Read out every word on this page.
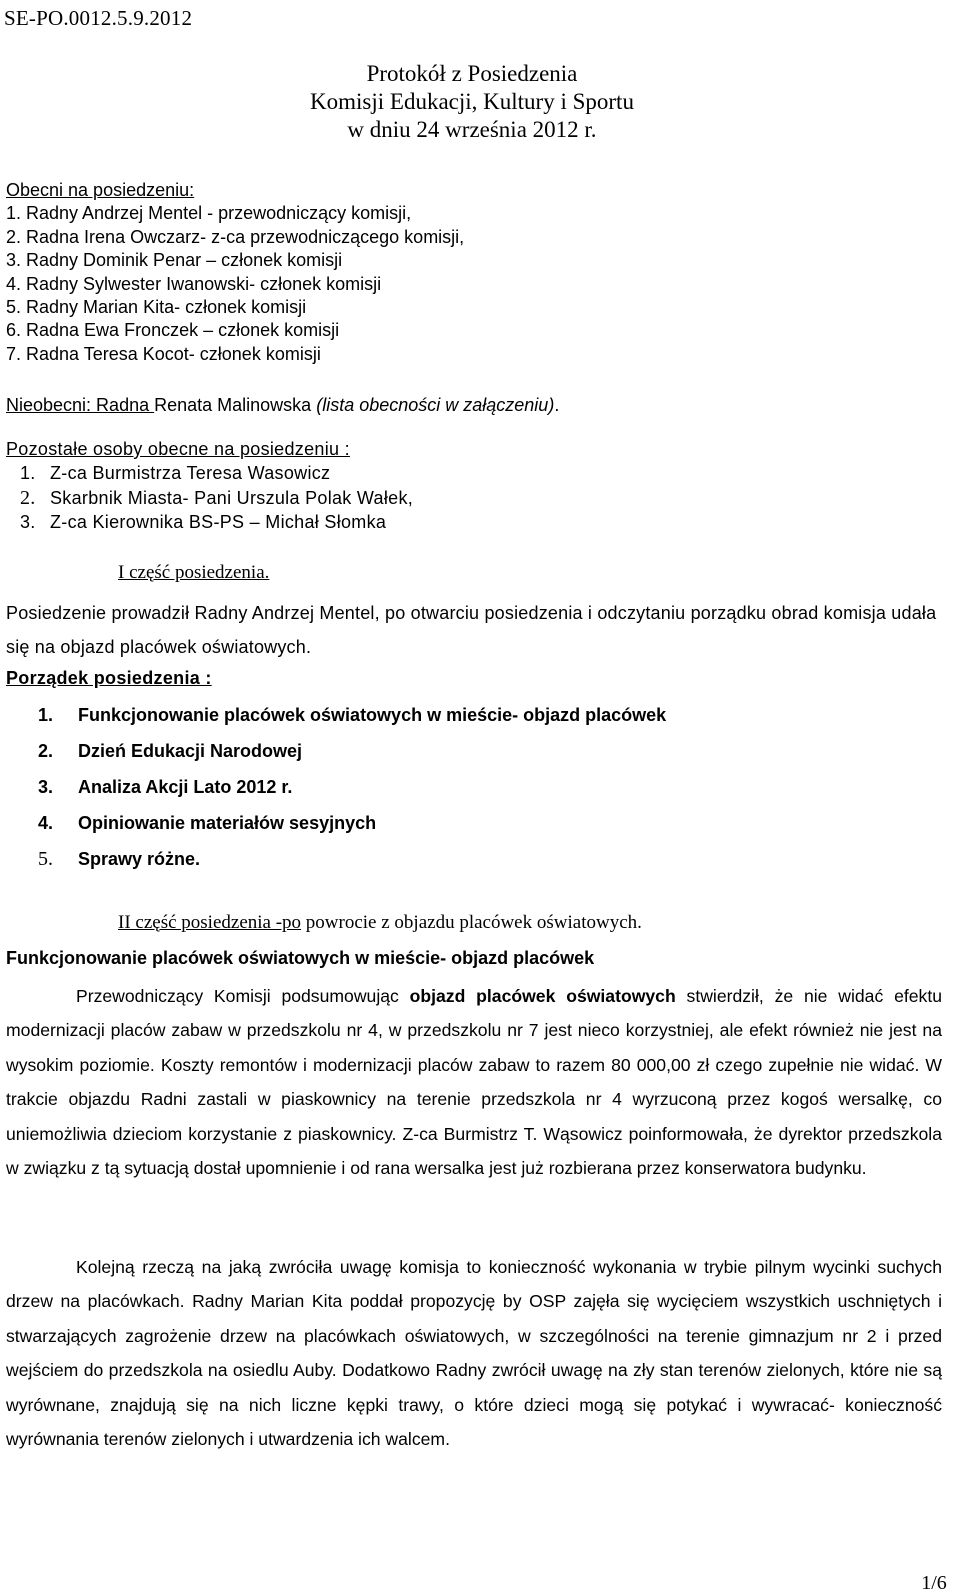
SE-PO.0012.5.9.2012
Protokół z Posiedzenia
Komisji Edukacji, Kultury i Sportu
w dniu 24 września 2012 r.
Obecni na posiedzeniu:
1. Radny Andrzej Mentel - przewodniczący komisji,
2. Radna Irena Owczarz- z-ca przewodniczącego komisji,
3. Radny Dominik Penar – członek komisji
4. Radny Sylwester Iwanowski- członek komisji
5. Radny Marian Kita- członek komisji
6. Radna Ewa Fronczek – członek komisji
7. Radna Teresa Kocot- członek komisji
Nieobecni: Radna Renata Malinowska (lista obecności w załączeniu).
Pozostałe osoby obecne na posiedzeniu :
1. Z-ca Burmistrza Teresa Wasowicz
2. Skarbnik Miasta- Pani Urszula Polak Wałek,
3. Z-ca Kierownika BS-PS – Michał Słomka
I część posiedzenia.
Posiedzenie prowadził Radny Andrzej Mentel, po otwarciu posiedzenia i odczytaniu porządku obrad komisja udała się na objazd placówek oświatowych.
Porządek posiedzenia :
1. Funkcjonowanie placówek oświatowych w mieście- objazd placówek
2. Dzień Edukacji Narodowej
3. Analiza Akcji Lato 2012 r.
4. Opiniowanie materiałów sesyjnych
5. Sprawy różne.
II część posiedzenia -po powrocie z objazdu placówek oświatowych.
Funkcjonowanie placówek oświatowych w mieście- objazd placówek

Przewodniczący Komisji podsumowując objazd placówek oświatowych stwierdził, że nie widać efektu modernizacji placów zabaw w przedszkolu nr 4, w przedszkolu nr 7 jest nieco korzystniej, ale efekt również nie jest na wysokim poziomie. Koszty remontów i modernizacji placów zabaw to razem 80 000,00 zł czego zupełnie nie widać. W trakcie objazdu Radni zastali w piaskownicy na terenie przedszkola nr 4 wyrzuconą przez kogoś wersalkę, co uniemożliwia dzieciom korzystanie z piaskownicy. Z-ca Burmistrz T. Wąsowicz poinformowała, że dyrektor przedszkola w związku z tą sytuacją dostał upomnienie i od rana wersalka jest już rozbierana przez konserwatora budynku.

Kolejną rzeczą na jaką zwróciła uwagę komisja to konieczność wykonania w trybie pilnym wycinki suchych drzew na placówkach. Radny Marian Kita poddał propozycję by OSP zajęła się wycięciem wszystkich uschniętych i stwarzających zagrożenie drzew na placówkach oświatowych, w szczególności na terenie gimnazjum nr 2 i przed wejściem do przedszkola na osiedlu Auby. Dodatkowo Radny zwrócił uwagę na zły stan terenów zielonych, które nie są wyrównane, znajdują się na nich liczne kępki trawy, o które dzieci mogą się potykać i wywracać- konieczność wyrównania terenów zielonych i utwardzenia ich walcem.

1/6
